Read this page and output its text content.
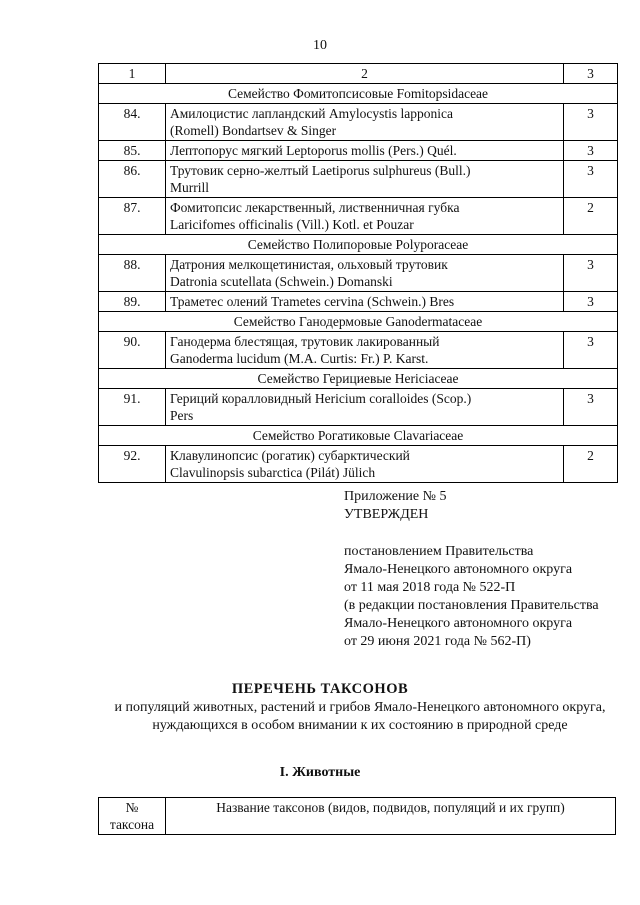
10
1	2	3
Семейство Фомитопсисовые Fomitopsidaceae		
84.	Амилоцистис лапландский Amylocystis lapponica
(Romell) Bondartsev & Singer	3
85.	Лептопорус мягкий Leptoporus mollis (Pers.) Quél.	3
86.	Трутовик серно-желтый Laetiporus sulphureus (Bull.)
Murrill	3
87.	Фомитопсис лекарственный, лиственничная губка
Laricifomes officinalis (Vill.) Kotl. et Pouzar	2
Семейство Полипоровые Polyporaceae		
88.	Датрония мелкощетинистая, ольховый трутовик
Datronia scutellata (Schwein.) Domanski	3
89.	Траметес олений Trametes cervina (Schwein.) Bres	3
Семейство Ганодермовые Ganodermataceae		
90.	Ганодерма блестящая, трутовик лакированный
Ganoderma lucidum (M.A. Curtis: Fr.) P. Karst.	3
Семейство Герициевые Hericiaceae		
91.	Гериций коралловидный Hericium coralloides (Scop.)
Pers	3
Семейство Рогатиковые Clavariaceae		
92.	Клавулинопсис (рогатик) субарктический
Clavulinopsis subarctica (Pilát) Jülich	2
Приложение № 5
УТВЕРЖДЕН
постановлением Правительства
Ямало-Ненецкого автономного округа
от 11 мая 2018 года № 522-П
(в редакции постановления Правительства
Ямало-Ненецкого автономного округа
от 29 июня 2021 года № 562-П)
ПЕРЕЧЕНЬ ТАКСОНОВ
и популяций животных, растений и грибов Ямало-Ненецкого автономного округа, нуждающихся в особом внимании к их состоянию в природной среде
I. Животные
№
таксона	Название таксонов (видов, подвидов, популяций и их групп)
